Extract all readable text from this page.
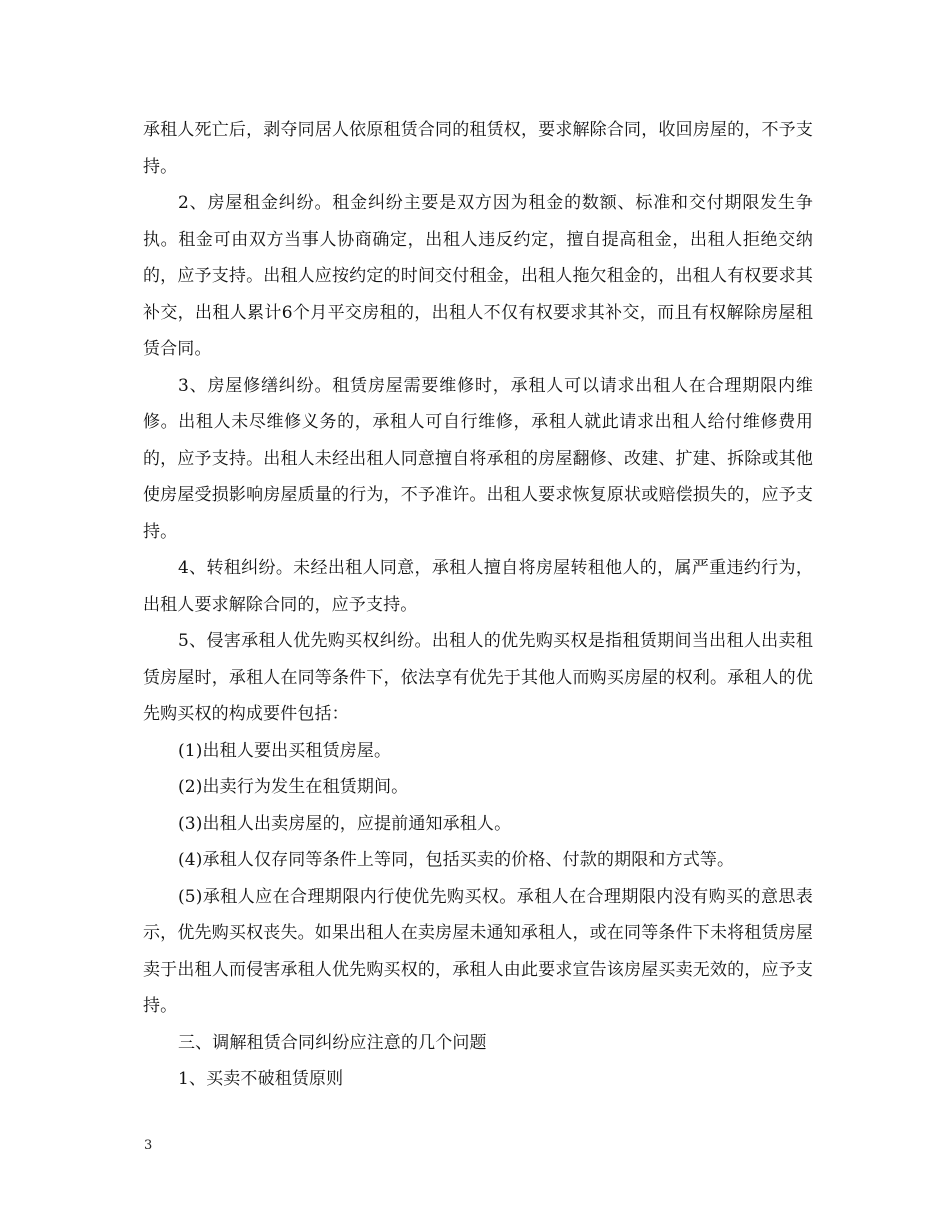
承租人死亡后，剥夺同居人依原租赁合同的租赁权，要求解除合同，收回房屋的，不予支持。

2、房屋租金纠纷。租金纠纷主要是双方因为租金的数额、标准和交付期限发生争执。租金可由双方当事人协商确定，出租人违反约定，擅自提高租金，出租人拒绝交纳的，应予支持。出租人应按约定的时间交付租金，出租人拖欠租金的，出租人有权要求其补交，出租人累计6个月平交房租的，出租人不仅有权要求其补交，而且有权解除房屋租赁合同。

3、房屋修缮纠纷。租赁房屋需要维修时，承租人可以请求出租人在合理期限内维修。出租人未尽维修义务的，承租人可自行维修，承租人就此请求出租人给付维修费用的，应予支持。出租人未经出租人同意擅自将承租的房屋翻修、改建、扩建、拆除或其他使房屋受损影响房屋质量的行为，不予准许。出租人要求恢复原状或赔偿损失的，应予支持。

4、转租纠纷。未经出租人同意，承租人擅自将房屋转租他人的，属严重违约行为，出租人要求解除合同的，应予支持。

5、侵害承租人优先购买权纠纷。出租人的优先购买权是指租赁期间当出租人出卖租赁房屋时，承租人在同等条件下，依法享有优先于其他人而购买房屋的权利。承租人的优先购买权的构成要件包括：

(1)出租人要出买租赁房屋。

(2)出卖行为发生在租赁期间。

(3)出租人出卖房屋的，应提前通知承租人。

(4)承租人仅存同等条件上等同，包括买卖的价格、付款的期限和方式等。

(5)承租人应在合理期限内行使优先购买权。承租人在合理期限内没有购买的意思表示，优先购买权丧失。如果出租人在卖房屋未通知承租人，或在同等条件下未将租赁房屋卖于出租人而侵害承租人优先购买权的，承租人由此要求宣告该房屋买卖无效的，应予支持。

三、调解租赁合同纠纷应注意的几个问题

1、买卖不破租赁原则

3
